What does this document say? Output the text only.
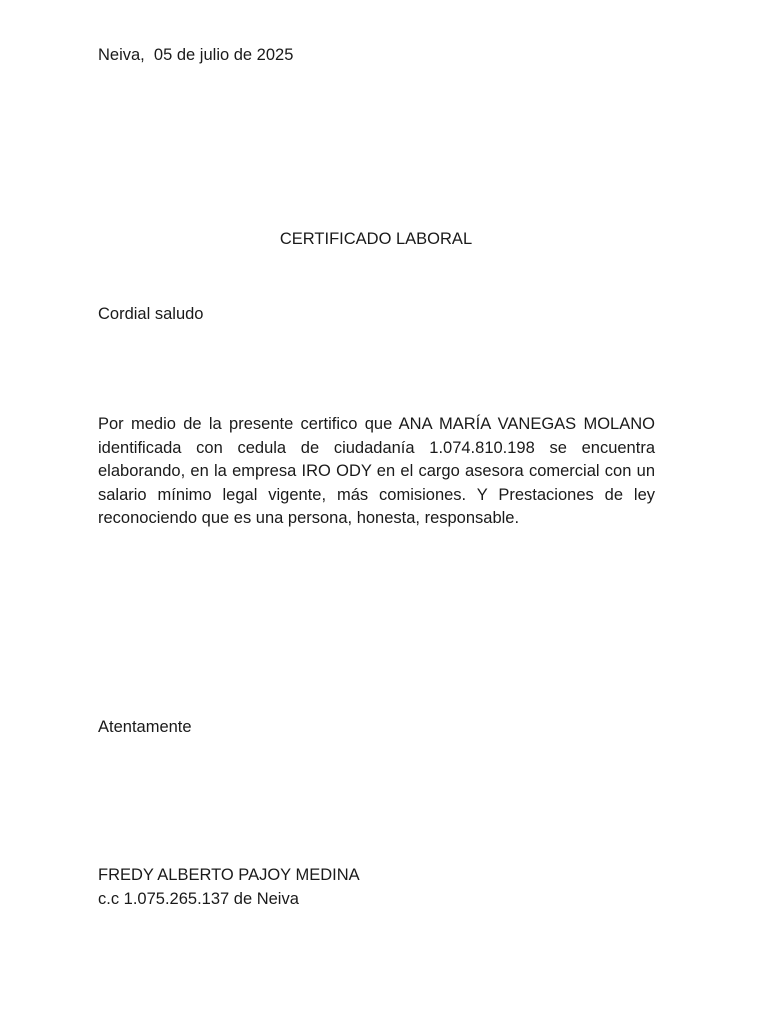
Neiva,  05 de julio de 2025
CERTIFICADO LABORAL
Cordial saludo
Por medio de la presente certifico que ANA MARÍA VANEGAS MOLANO identificada con cedula de ciudadanía 1.074.810.198 se encuentra elaborando, en la empresa IRO ODY en el cargo asesora comercial con un salario mínimo legal vigente, más comisiones. Y Prestaciones de ley reconociendo que es una persona, honesta, responsable.
Atentamente
FREDY ALBERTO PAJOY MEDINA
c.c 1.075.265.137 de Neiva
